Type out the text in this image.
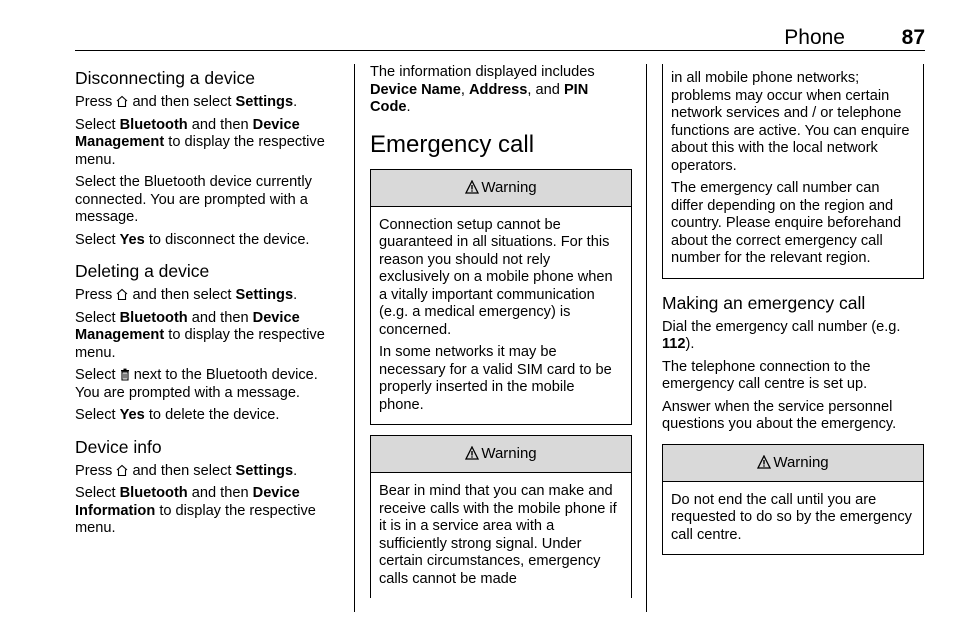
Phone	87
Disconnecting a device

Press and then select Settings.

Select Bluetooth and then Device Management to display the respective menu.

Select the Bluetooth device currently connected. You are prompted with a message.

Select Yes to disconnect the device.

Deleting a device

Press and then select Settings.

Select Bluetooth and then Device Management to display the respective menu.

Select next to the Bluetooth device. You are prompted with a message.

Select Yes to delete the device.

Device info

Press and then select Settings.

Select Bluetooth and then Device Information to display the respective menu.

The information displayed includes Device Name, Address, and PIN Code.

Emergency call
Warning

Connection setup cannot be guaranteed in all situations. For this reason you should not rely exclusively on a mobile phone when a vitally important communication (e.g. a medical emergency) is concerned.

In some networks it may be necessary for a valid SIM card to be properly inserted in the mobile phone.

Warning

Bear in mind that you can make and receive calls with the mobile phone if it is in a service area with a sufficiently strong signal. Under certain circumstances, emergency calls cannot be made

in all mobile phone networks; problems may occur when certain network services and / or telephone functions are active. You can enquire about this with the local network operators.

The emergency call number can differ depending on the region and country. Please enquire beforehand about the correct emergency call number for the relevant region.

Making an emergency call

Dial the emergency call number (e.g. 112).

The telephone connection to the emergency call centre is set up.

Answer when the service personnel questions you about the emergency.

Warning

Do not end the call until you are requested to do so by the emergency call centre.
